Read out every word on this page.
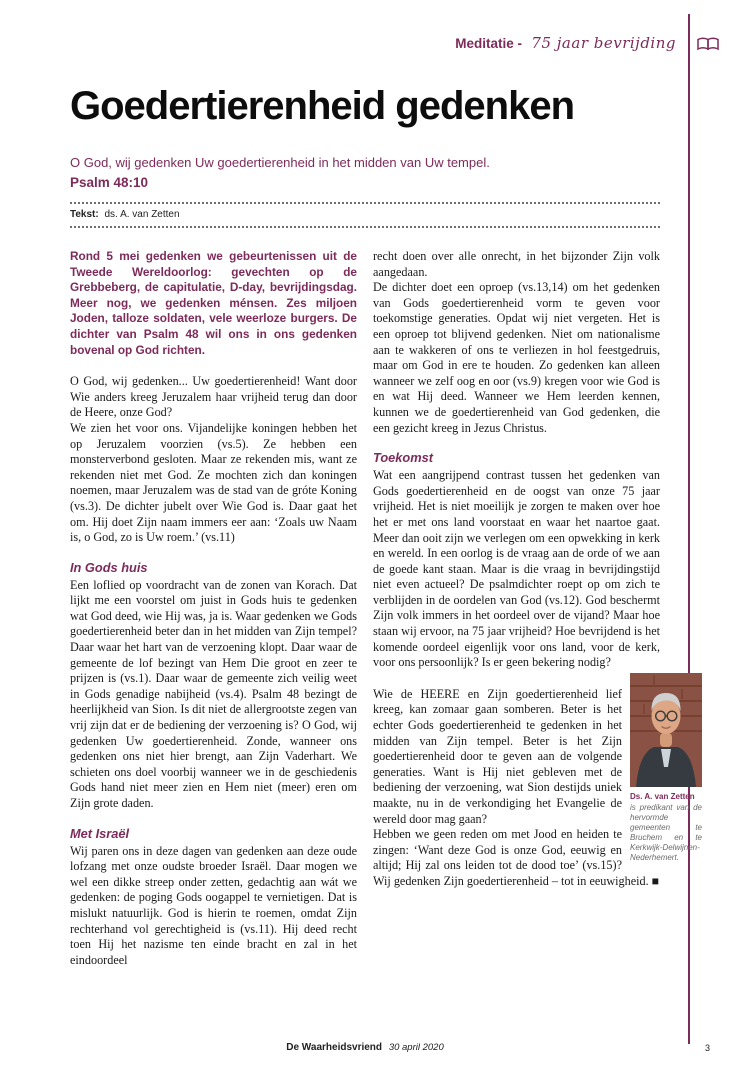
Meditatie - 75 jaar bevrijding
Goedertierenheid gedenken

O God, wij gedenken Uw goedertierenheid in het midden van Uw tempel.

Psalm 48:10

Tekst: ds. A. van Zetten

Rond 5 mei gedenken we gebeurtenissen uit de Tweede Wereldoorlog: gevechten op de Grebbeberg, de capitulatie, D-day, bevrijdingsdag. Meer nog, we gedenken ménsen. Zes miljoen Joden, talloze soldaten, vele weerloze burgers. De dichter van Psalm 48 wil ons in ons gedenken bovenal op God richten.

O God, wij gedenken... Uw goedertierenheid! Want door Wie anders kreeg Jeruzalem haar vrijheid terug dan door de Heere, onze God?

We zien het voor ons. Vijandelijke koningen hebben het op Jeruzalem voorzien (vs.5). Ze hebben een monsterverbond gesloten. Maar ze rekenden mis, want ze rekenden niet met God. Ze mochten zich dan koningen noemen, maar Jeruzalem was de stad van de gróte Koning (vs.3). De dichter jubelt over Wie God is. Daar gaat het om. Hij doet Zijn naam immers eer aan: ‘Zoals uw Naam is, o God, zo is Uw roem.’ (vs.11)

In Gods huis

Een loflied op voordracht van de zonen van Korach. Dat lijkt me een voorstel om juist in Gods huis te gedenken wat God deed, wie Hij was, ja is. Waar gedenken we Gods goedertierenheid beter dan in het midden van Zijn tempel? Daar waar het hart van de verzoening klopt. Daar waar de gemeente de lof bezingt van Hem Die groot en zeer te prijzen is (vs.1). Daar waar de gemeente zich veilig weet in Gods genadige nabijheid (vs.4). Psalm 48 bezingt de heerlijkheid van Sion. Is dit niet de allergrootste zegen van vrij zijn dat er de bediening der verzoening is? O God, wij gedenken Uw goedertierenheid. Zonde, wanneer ons gedenken ons niet hier brengt, aan Zijn Vaderhart. We schieten ons doel voorbij wanneer we in de geschiedenis Gods hand niet meer zien en Hem niet (meer) eren om Zijn grote daden.

Met Israël

Wij paren ons in deze dagen van gedenken aan deze oude lofzang met onze oudste broeder Israël. Daar mogen we wel een dikke streep onder zetten, gedachtig aan wát we gedenken: de poging Gods oogappel te vernietigen. Dat is mislukt natuurlijk. God is hierin te roemen, omdat Zijn rechterhand vol gerechtigheid is (vs.11). Hij deed recht toen Hij het nazisme ten einde bracht en zal in het eindoordeel

recht doen over alle onrecht, in het bijzonder Zijn volk aangedaan.

De dichter doet een oproep (vs.13,14) om het gedenken van Gods goedertierenheid vorm te geven voor toekomstige generaties. Opdat wij niet vergeten. Het is een oproep tot blijvend gedenken. Niet om nationalisme aan te wakkeren of ons te verliezen in hol feestgedruis, maar om God in ere te houden. Zo gedenken kan alleen wanneer we zelf oog en oor (vs.9) kregen voor wie God is en wat Hij deed. Wanneer we Hem leerden kennen, kunnen we de goedertierenheid van God gedenken, die een gezicht kreeg in Jezus Christus.

Toekomst

Wat een aangrijpend contrast tussen het gedenken van Gods goedertierenheid en de oogst van onze 75 jaar vrijheid. Het is niet moeilijk je zorgen te maken over hoe het er met ons land voorstaat en waar het naartoe gaat. Meer dan ooit zijn we verlegen om een opwekking in kerk en wereld. In een oorlog is de vraag aan de orde of we aan de goede kant staan. Maar is die vraag in bevrijdingstijd niet even actueel? De psalmdichter roept op om zich te verblijden in de oordelen van God (vs.12). God beschermt Zijn volk immers in het oordeel over de vijand? Maar hoe staan wij ervoor, na 75 jaar vrijheid? Hoe bevrijdend is het komende oordeel eigenlijk voor ons land, voor de kerk, voor ons persoonlijk? Is er geen bekering nodig?

Ds. A. van Zetten
is predikant van de hervormde gemeenten te Bruchem en te Kerkwijk-Delwijnen-Nederhemert.

Wie de HEERE en Zijn goedertierenheid lief kreeg, kan zomaar gaan somberen. Beter is het echter Gods goedertierenheid te gedenken in het midden van Zijn tempel. Beter is het Zijn goedertierenheid door te geven aan de volgende generaties. Want is Hij niet gebleven met de bediening der verzoening, wat Sion destijds uniek maakte, nu in de verkondiging het Evangelie de wereld door mag gaan?

Hebben we geen reden om met Jood en heiden te zingen: ‘Want deze God is onze God, eeuwig en altijd; Hij zal ons leiden tot de dood toe’ (vs.15)? Wij gedenken Zijn goedertierenheid – tot in eeuwigheid. ■

De Waarheidsvriend 30 april 2020	3
